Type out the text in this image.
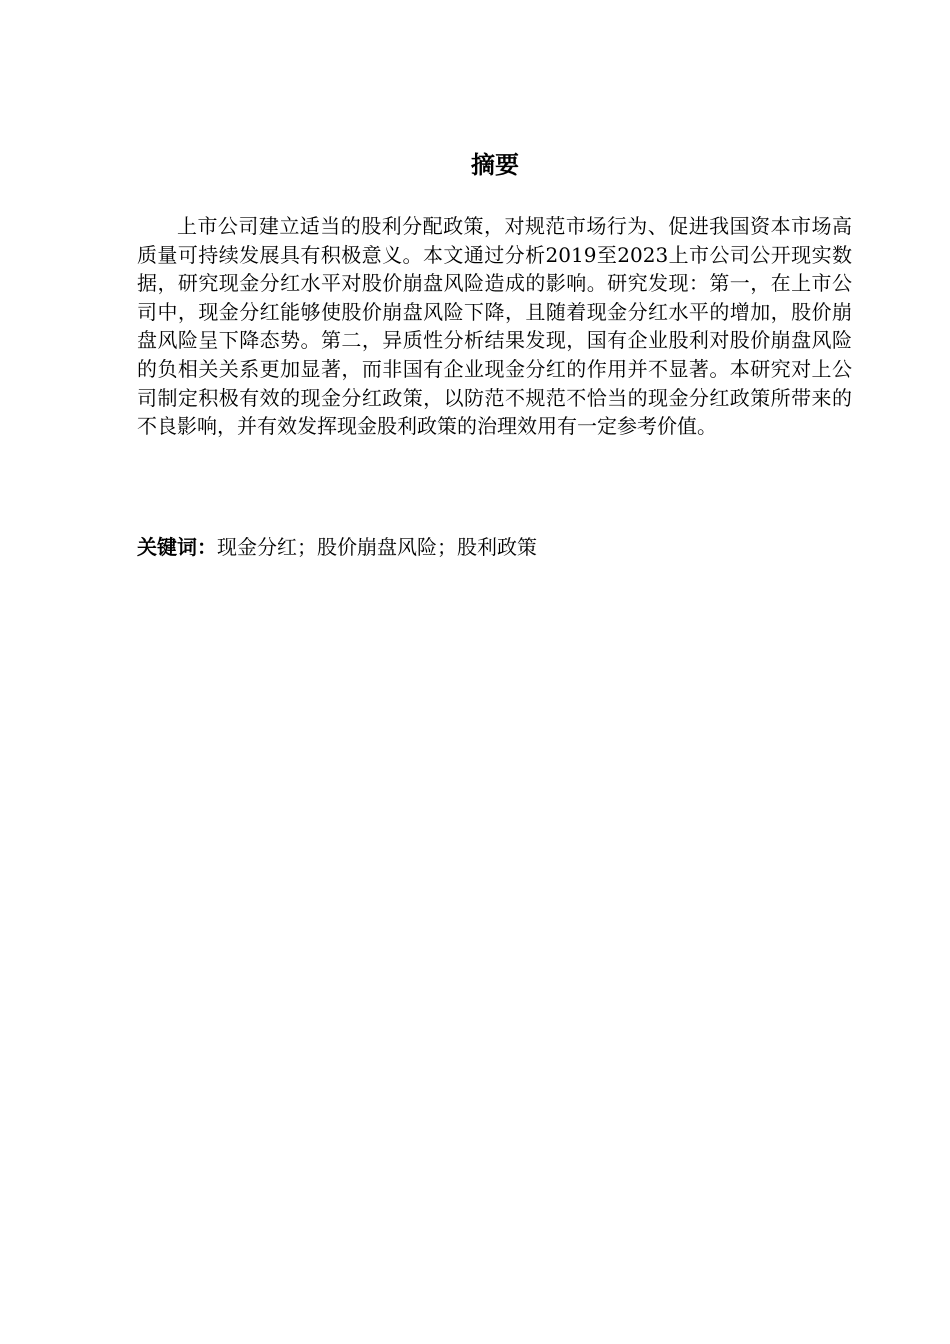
摘要

上市公司建立适当的股利分配政策，对规范市场行为、促进我国资本市场高质量可持续发展具有积极意义。本文通过分析2019至2023上市公司公开现实数据，研究现金分红水平对股价崩盘风险造成的影响。研究发现：第一，在上市公司中，现金分红能够使股价崩盘风险下降，且随着现金分红水平的增加，股价崩盘风险呈下降态势。第二，异质性分析结果发现，国有企业股利对股价崩盘风险的负相关关系更加显著，而非国有企业现金分红的作用并不显著。本研究对上公司制定积极有效的现金分红政策，以防范不规范不恰当的现金分红政策所带来的不良影响，并有效发挥现金股利政策的治理效用有一定参考价值。

关键词：现金分红；股价崩盘风险；股利政策
